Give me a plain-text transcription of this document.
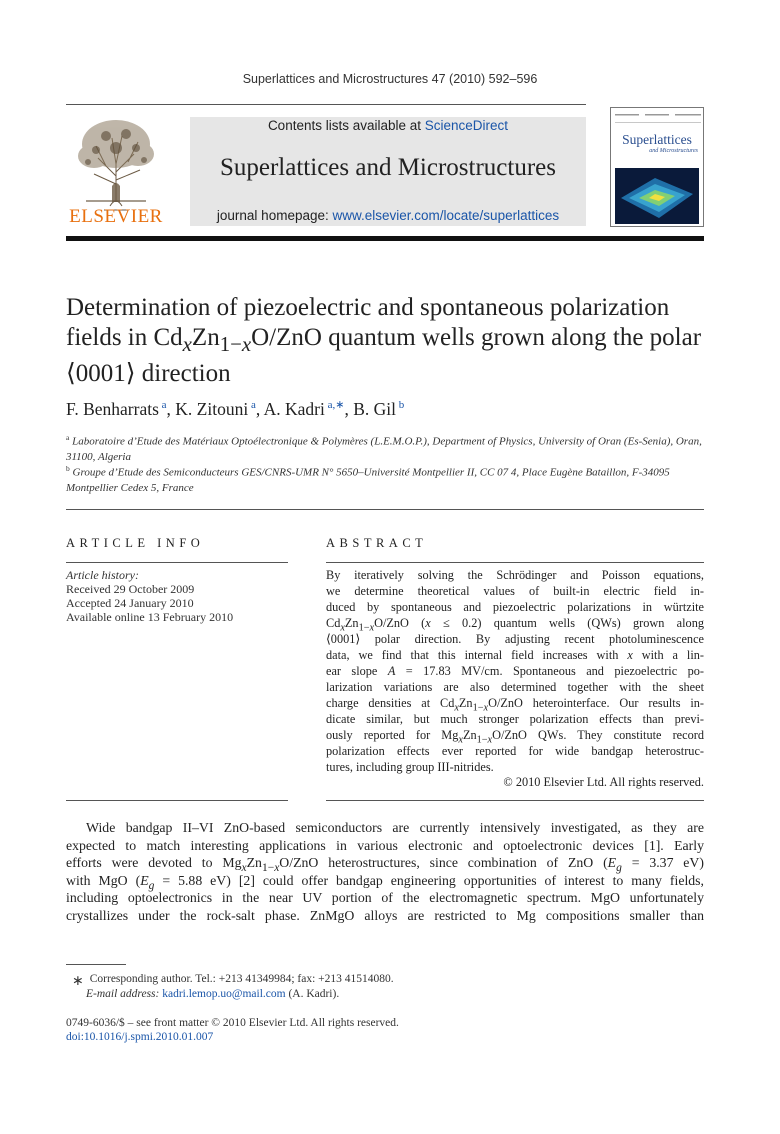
Superlattices and Microstructures 47 (2010) 592–596
ELSEVIER
Contents lists available at ScienceDirect
Superlattices and Microstructures
journal homepage: www.elsevier.com/locate/superlattices
Superlattices
and Microstructures
Determination of piezoelectric and spontaneous polarization fields in $Cd_xZn_{1-x}O$/ZnO quantum wells grown along the polar ⟨0001⟩ direction
F. Benharrats $^a$, K. Zitouni $^a$, A. Kadri $^{a,∗}$, B. Gil $^b$
$^a$ Laboratoire d’Etude des Matériaux Optoélectronique & Polymères (L.E.M.O.P.), Department of Physics, University of Oran (Es-Senia), Oran, 31100, Algeria
$^b$ Groupe d’Etude des Semiconducteurs GES/CNRS-UMR N° 5650–Université Montpellier II, CC 07 4, Place Eugène Bataillon, F-34095 Montpellier Cedex 5, France
ARTICLE INFO
Article history:
Received 29 October 2009
Accepted 24 January 2010
Available online 13 February 2010
ABSTRACT
By iteratively solving the Schrödinger and Poisson equations,
we determine theoretical values of built-in electric field in-
duced by spontaneous and piezoelectric polarizations in würtzite
$Cd_xZn_{1-x}O$/ZnO (x ≤ 0.2) quantum wells (QWs) grown along
⟨0001⟩ polar direction. By adjusting recent photoluminescence
data, we find that this internal field increases with x with a lin-
ear slope A = 17.83 MV/cm. Spontaneous and piezoelectric po-
larization variations are also determined together with the sheet
charge densities at $Cd_xZn_{1-x}O$/ZnO heterointerface. Our results in-
dicate similar, but much stronger polarization effects than previ-
ously reported for $Mg_xZn_{1-x}O$/ZnO QWs. They constitute record
polarization effects ever reported for wide bandgap heterostruc-
tures, including group III-nitrides.
© 2010 Elsevier Ltd. All rights reserved.
Wide bandgap II–VI ZnO-based semiconductors are currently intensively investigated, as they are
expected to match interesting applications in various electronic and optoelectronic devices [1]. Early
efforts were devoted to $Mg_xZn_{1-x}O$/ZnO heterostructures, since combination of ZnO ($E_g = 3.37$ eV)
with MgO ($E_g = 5.88$ eV) [2] could offer bandgap engineering opportunities of interest to many fields,
including optoelectronics in the near UV portion of the electromagnetic spectrum. MgO unfortunately
crystallizes under the rock-salt phase. ZnMgO alloys are restricted to Mg compositions smaller than
∗ Corresponding author. Tel.: +213 41349984; fax: +213 41514080.
E-mail address: kadri.lemop.uo@mail.com (A. Kadri).
0749-6036/$ – see front matter © 2010 Elsevier Ltd. All rights reserved.
doi:10.1016/j.spmi.2010.01.007
